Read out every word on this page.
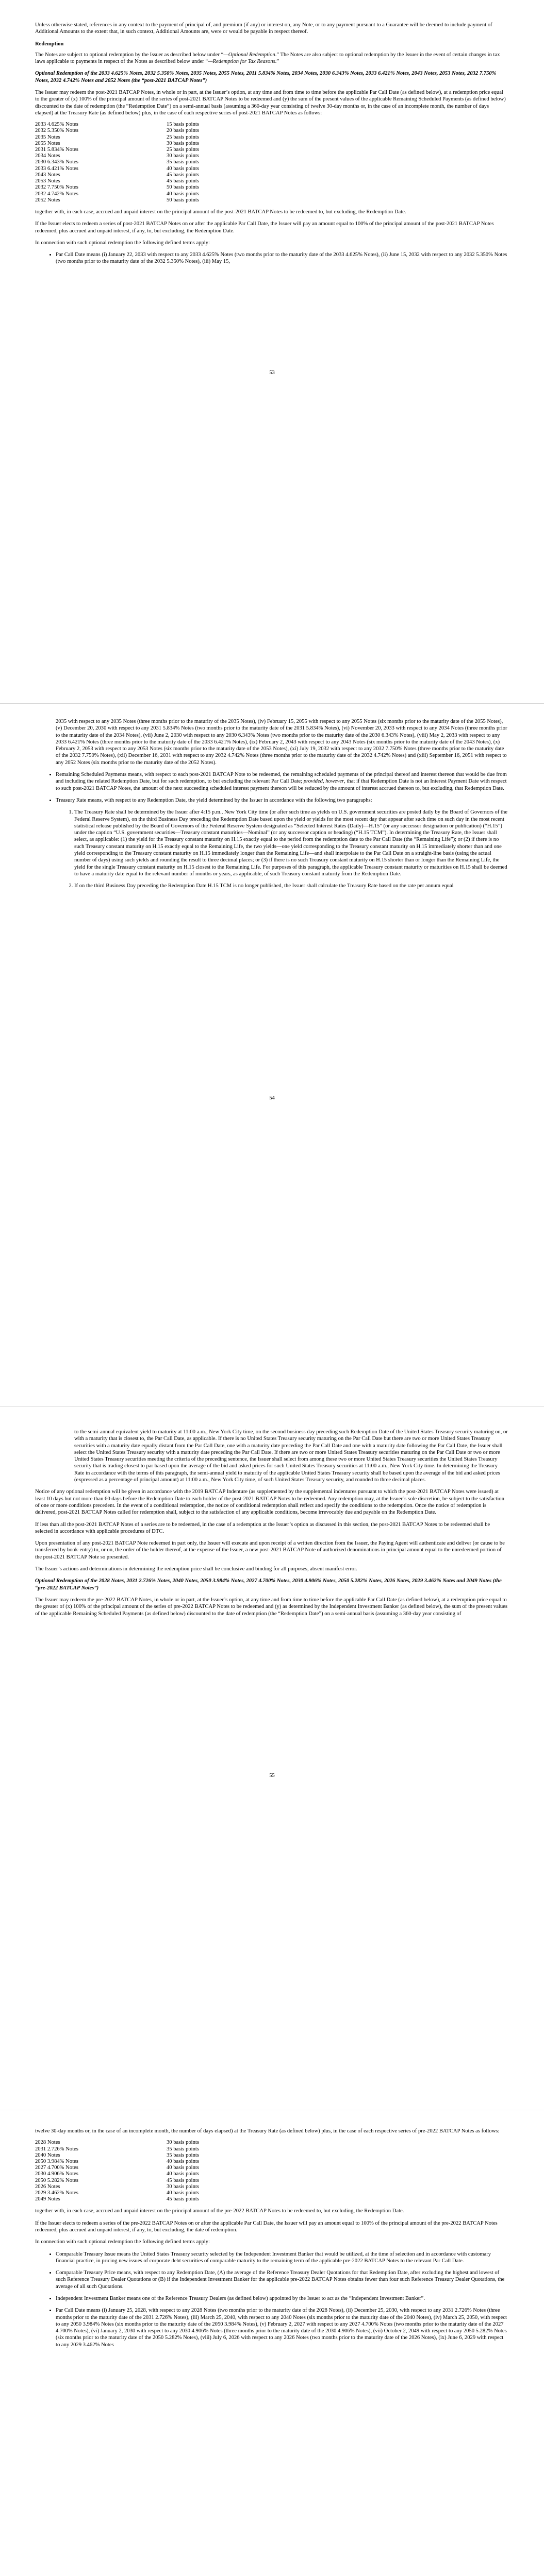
Unless otherwise stated, references in any context to the payment of principal of, and premium (if any) or interest on, any Note, or to any payment pursuant to a Guarantee will be deemed to include payment of Additional Amounts to the extent that, in such context, Additional Amounts are, were or would be payable in respect thereof.

Redemption

The Notes are subject to optional redemption by the Issuer as described below under “—Optional Redemption.” The Notes are also subject to optional redemption by the Issuer in the event of certain changes in tax laws applicable to payments in respect of the Notes as described below under “—Redemption for Tax Reasons.”

Optional Redemption of the 2033 4.625% Notes, 2032 5.350% Notes, 2035 Notes, 2055 Notes, 2011 5.834% Notes, 2034 Notes, 2030 6.343% Notes, 2033 6.421% Notes, 2043 Notes, 2053 Notes, 2032 7.750% Notes, 2032 4.742% Notes and 2052 Notes (the “post-2021 BATCAP Notes”)

The Issuer may redeem the post-2021 BATCAP Notes, in whole or in part, at the Issuer’s option, at any time and from time to time before the applicable Par Call Date (as defined below), at a redemption price equal to the greater of (x) 100% of the principal amount of the series of post-2021 BATCAP Notes to be redeemed and (y) the sum of the present values of the applicable Remaining Scheduled Payments (as defined below) discounted to the date of redemption (the “Redemption Date”) on a semi-annual basis (assuming a 360-day year consisting of twelve 30-day months or, in the case of an incomplete month, the number of days elapsed) at the Treasury Rate (as defined below) plus, in the case of each respective series of post-2021 BATCAP Notes as follows:

2033 4.625% Notes	15 basis points
2032 5.350% Notes	20 basis points
2035 Notes	25 basis points
2055 Notes	30 basis points
2031 5.834% Notes	25 basis points
2034 Notes	30 basis points
2030 6.343% Notes	35 basis points
2033 6.421% Notes	40 basis points
2043 Notes	45 basis points
2053 Notes	45 basis points
2032 7.750% Notes	50 basis points
2032 4.742% Notes	40 basis points
2052 Notes	50 basis points

together with, in each case, accrued and unpaid interest on the principal amount of the post-2021 BATCAP Notes to be redeemed to, but excluding, the Redemption Date.

If the Issuer elects to redeem a series of post-2021 BATCAP Notes on or after the applicable Par Call Date, the Issuer will pay an amount equal to 100% of the principal amount of the post-2021 BATCAP Notes redeemed, plus accrued and unpaid interest, if any, to, but excluding, the Redemption Date.

In connection with such optional redemption the following defined terms apply:

• Par Call Date means (i) January 22, 2033 with respect to any 2033 4.625% Notes (two months prior to the maturity date of the 2033 4.625% Notes), (ii) June 15, 2032 with respect to any 2032 5.350% Notes (two months prior to the maturity date of the 2032 5.350% Notes), (iii) May 15,
53

2035 with respect to any 2035 Notes (three months prior to the maturity of the 2035 Notes), (iv) February 15, 2055 with respect to any 2055 Notes (six months prior to the maturity date of the 2055 Notes), (v) December 20, 2030 with respect to any 2031 5.834% Notes (two months prior to the maturity date of the 2031 5.834% Notes), (vi) November 20, 2033 with respect to any 2034 Notes (three months prior to the maturity date of the 2034 Notes), (vii) June 2, 2030 with respect to any 2030 6.343% Notes (two months prior to the maturity date of the 2030 6.343% Notes), (viii) May 2, 2033 with respect to any 2033 6.421% Notes (three months prior to the maturity date of the 2033 6.421% Notes), (ix) February 2, 2043 with respect to any 2043 Notes (six months prior to the maturity date of the 2043 Notes), (x) February 2, 2053 with respect to any 2053 Notes (six months prior to the maturity date of the 2053 Notes), (xi) July 19, 2032 with respect to any 2032 7.750% Notes (three months prior to the maturity date of the 2032 7.750% Notes), (xii) December 16, 2031 with respect to any 2032 4.742% Notes (three months prior to the maturity date of the 2032 4.742% Notes) and (xiii) September 16, 2051 with respect to any 2052 Notes (six months prior to the maturity date of the 2052 Notes).

• Remaining Scheduled Payments means, with respect to each post-2021 BATCAP Note to be redeemed, the remaining scheduled payments of the principal thereof and interest thereon that would be due from and including the related Redemption Date, but for such redemption, to but excluding the relevant Par Call Date; provided, however, that if that Redemption Date is not an Interest Payment Date with respect to such post-2021 BATCAP Notes, the amount of the next succeeding scheduled interest payment thereon will be reduced by the amount of interest accrued thereon to, but excluding, that Redemption Date.
• Treasury Rate means, with respect to any Redemption Date, the yield determined by the Issuer in accordance with the following two paragraphs:
1. The Treasury Rate shall be determined by the Issuer after 4:15 p.m., New York City time (or after such time as yields on U.S. government securities are posted daily by the Board of Governors of the Federal Reserve System), on the third Business Day preceding the Redemption Date based upon the yield or yields for the most recent day that appear after such time on such day in the most recent statistical release published by the Board of Governors of the Federal Reserve System designated as “Selected Interest Rates (Daily)—H.15” (or any successor designation or publication) (“H.15”) under the caption “U.S. government securities—Treasury constant maturities—Nominal” (or any successor caption or heading) (“H.15 TCM”). In determining the Treasury Rate, the Issuer shall select, as applicable: (1) the yield for the Treasury constant maturity on H.15 exactly equal to the period from the redemption date to the Par Call Date (the “Remaining Life”); or (2) if there is no such Treasury constant maturity on H.15 exactly equal to the Remaining Life, the two yields—one yield corresponding to the Treasury constant maturity on H.15 immediately shorter than and one yield corresponding to the Treasury constant maturity on H.15 immediately longer than the Remaining Life—and shall interpolate to the Par Call Date on a straight-line basis (using the actual number of days) using such yields and rounding the result to three decimal places; or (3) if there is no such Treasury constant maturity on H.15 shorter than or longer than the Remaining Life, the yield for the single Treasury constant maturity on H.15 closest to the Remaining Life. For purposes of this paragraph, the applicable Treasury constant maturity or maturities on H.15 shall be deemed to have a maturity date equal to the relevant number of months or years, as applicable, of such Treasury constant maturity from the Redemption Date.
2. If on the third Business Day preceding the Redemption Date H.15 TCM is no longer published, the Issuer shall calculate the Treasury Rate based on the rate per annum equal
54

to the semi-annual equivalent yield to maturity at 11:00 a.m., New York City time, on the second business day preceding such Redemption Date of the United States Treasury security maturing on, or with a maturity that is closest to, the Par Call Date, as applicable. If there is no United States Treasury security maturing on the Par Call Date but there are two or more United States Treasury securities with a maturity date equally distant from the Par Call Date, one with a maturity date preceding the Par Call Date and one with a maturity date following the Par Call Date, the Issuer shall select the United States Treasury security with a maturity date preceding the Par Call Date. If there are two or more United States Treasury securities maturing on the Par Call Date or two or more United States Treasury securities meeting the criteria of the preceding sentence, the Issuer shall select from among these two or more United States Treasury securities the United States Treasury security that is trading closest to par based upon the average of the bid and asked prices for such United States Treasury securities at 11:00 a.m., New York City time. In determining the Treasury Rate in accordance with the terms of this paragraph, the semi-annual yield to maturity of the applicable United States Treasury security shall be based upon the average of the bid and asked prices (expressed as a percentage of principal amount) at 11:00 a.m., New York City time, of such United States Treasury security, and rounded to three decimal places.

Notice of any optional redemption will be given in accordance with the 2019 BATCAP Indenture (as supplemented by the supplemental indentures pursuant to which the post-2021 BATCAP Notes were issued) at least 10 days but not more than 60 days before the Redemption Date to each holder of the post-2021 BATCAP Notes to be redeemed. Any redemption may, at the Issuer’s sole discretion, be subject to the satisfaction of one or more conditions precedent. In the event of a conditional redemption, the notice of conditional redemption shall reflect and specify the conditions to the redemption. Once the notice of redemption is delivered, post-2021 BATCAP Notes called for redemption shall, subject to the satisfaction of any applicable conditions, become irrevocably due and payable on the Redemption Date.

If less than all the post-2021 BATCAP Notes of a series are to be redeemed, in the case of a redemption at the Issuer’s option as discussed in this section, the post-2021 BATCAP Notes to be redeemed shall be selected in accordance with applicable procedures of DTC.

Upon presentation of any post-2021 BATCAP Note redeemed in part only, the Issuer will execute and upon receipt of a written direction from the Issuer, the Paying Agent will authenticate and deliver (or cause to be transferred by book-entry) to, or on, the order of the holder thereof, at the expense of the Issuer, a new post-2021 BATCAP Note of authorized denominations in principal amount equal to the unredeemed portion of the post-2021 BATCAP Note so presented.

The Issuer’s actions and determinations in determining the redemption price shall be conclusive and binding for all purposes, absent manifest error.

Optional Redemption of the 2028 Notes, 2031 2.726% Notes, 2040 Notes, 2050 3.984% Notes, 2027 4.700% Notes, 2030 4.906% Notes, 2050 5.282% Notes, 2026 Notes, 2029 3.462% Notes and 2049 Notes (the “pre-2022 BATCAP Notes”)

The Issuer may redeem the pre-2022 BATCAP Notes, in whole or in part, at the Issuer’s option, at any time and from time to time before the applicable Par Call Date (as defined below), at a redemption price equal to the greater of (x) 100% of the principal amount of the series of pre-2022 BATCAP Notes to be redeemed and (y) as determined by the Independent Investment Banker (as defined below), the sum of the present values of the applicable Remaining Scheduled Payments (as defined below) discounted to the date of redemption (the “Redemption Date”) on a semi-annual basis (assuming a 360-day year consisting of

55

twelve 30-day months or, in the case of an incomplete month, the number of days elapsed) at the Treasury Rate (as defined below) plus, in the case of each respective series of pre-2022 BATCAP Notes as follows:

2028 Notes	30 basis points
2031 2.726% Notes	35 basis points
2040 Notes	35 basis points
2050 3.984% Notes	40 basis points
2027 4.700% Notes	40 basis points
2030 4.906% Notes	40 basis points
2050 5.282% Notes	45 basis points
2026 Notes	30 basis points
2029 3.462% Notes	40 basis points
2049 Notes	45 basis points

together with, in each case, accrued and unpaid interest on the principal amount of the pre-2022 BATCAP Notes to be redeemed to, but excluding, the Redemption Date.

If the Issuer elects to redeem a series of the pre-2022 BATCAP Notes on or after the applicable Par Call Date, the Issuer will pay an amount equal to 100% of the principal amount of the pre-2022 BATCAP Notes redeemed, plus accrued and unpaid interest, if any, to, but excluding, the date of redemption.

In connection with such optional redemption the following defined terms apply:

• Comparable Treasury Issue means the United States Treasury security selected by the Independent Investment Banker that would be utilized, at the time of selection and in accordance with customary financial practice, in pricing new issues of corporate debt securities of comparable maturity to the remaining term of the applicable pre-2022 BATCAP Notes to the relevant Par Call Date.
• Comparable Treasury Price means, with respect to any Redemption Date, (A) the average of the Reference Treasury Dealer Quotations for that Redemption Date, after excluding the highest and lowest of such Reference Treasury Dealer Quotations or (B) if the Independent Investment Banker for the applicable pre-2022 BATCAP Notes obtains fewer than four such Reference Treasury Dealer Quotations, the average of all such Quotations.
• Independent Investment Banker means one of the Reference Treasury Dealers (as defined below) appointed by the Issuer to act as the “Independent Investment Banker”.
• Par Call Date means (i) January 25, 2028, with respect to any 2028 Notes (two months prior to the maturity date of the 2028 Notes), (ii) December 25, 2030, with respect to any 2031 2.726% Notes (three months prior to the maturity date of the 2031 2.726% Notes), (iii) March 25, 2040, with respect to any 2040 Notes (six months prior to the maturity date of the 2040 Notes), (iv) March 25, 2050, with respect to any 2050 3.984% Notes (six months prior to the maturity date of the 2050 3.984% Notes), (v) February 2, 2027 with respect to any 2027 4.700% Notes (two months prior to the maturity date of the 2027 4.700% Notes), (vi) January 2, 2030 with respect to any 2030 4.906% Notes (three months prior to the maturity date of the 2030 4.906% Notes), (vii) October 2, 2049 with respect to any 2050 5.282% Notes (six months prior to the maturity date of the 2050 5.282% Notes), (viii) July 6, 2026 with respect to any 2026 Notes (two months prior to the maturity date of the 2026 Notes), (ix) June 6, 2029 with respect to any 2029 3.462% Notes
